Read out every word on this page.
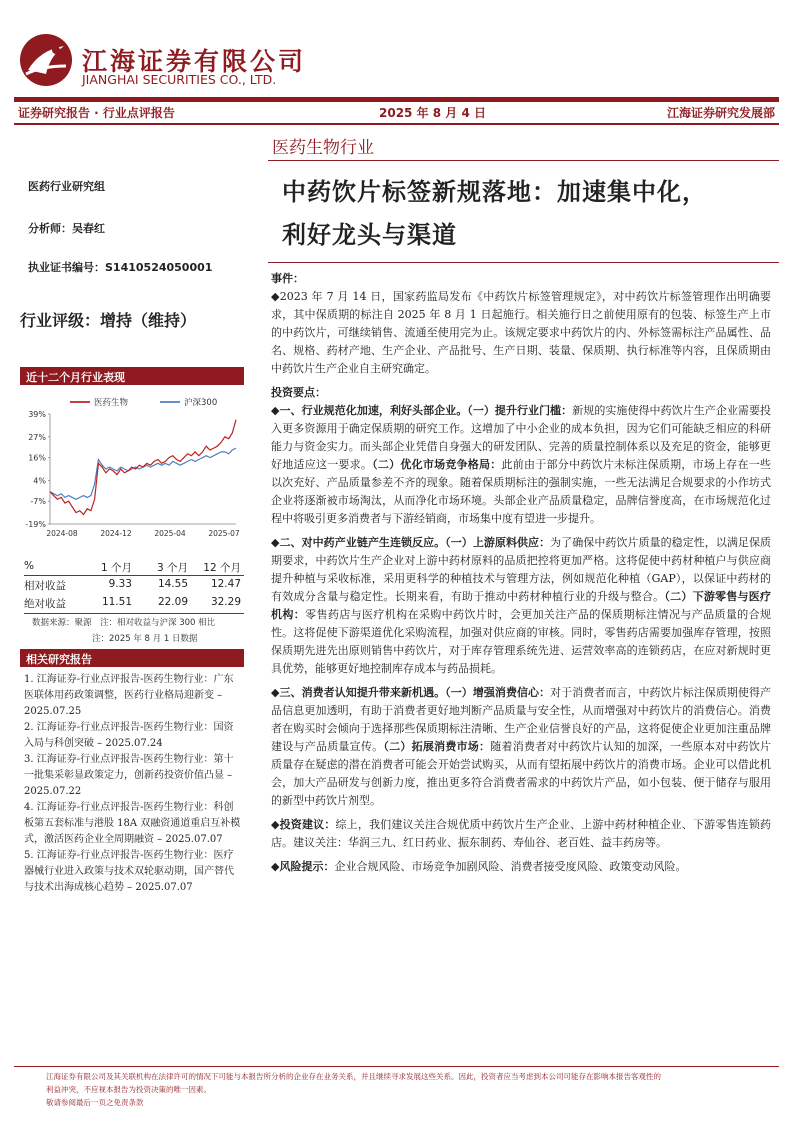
江海证券有限公司
JIANGHAI SECURITIES CO., LTD.
证券研究报告 · 行业点评报告	2025 年 8 月 4 日	江海证券研究发展部
医药生物行业
医药行业研究组
分析师：吴春红
执业证书编号：S1410524050001
行业评级：增持（维持）
近十二个月行业表现
39%
27%
16%
4%
-7%
-19%
2024-08	2024-12	2025-04	2025-07
医药生物	沪深300
%	1 个月 3 个月 12 个月
相对收益	9.33 14.55 12.47
绝对收益	11.51 22.09 32.29
数据来源：聚源　注：相对收益与沪深 300 相比
注：2025 年 8 月 1 日数据
相关研究报告
1. 江海证券-行业点评报告-医药生物行业：广东医联体用药政策调整，医药行业格局迎新变 – 2025.07.25
2. 江海证券-行业点评报告-医药生物行业：国资入局与科创突破 – 2025.07.24
3. 江海证券-行业点评报告-医药生物行业：第十一批集采彰显政策定力，创新药投资价值凸显 – 2025.07.22
4. 江海证券-行业点评报告-医药生物行业：科创板第五套标准与港股 18A 双融资通道重启互补模式，激活医药企业全周期融资 – 2025.07.07
5. 江海证券-行业点评报告-医药生物行业：医疗器械行业进入政策与技术双轮驱动期，国产替代与技术出海成核心趋势 – 2025.07.07
中药饮片标签新规落地：加速集中化，
利好龙头与渠道
事件：

◆2023 年 7 月 14 日，国家药监局发布《中药饮片标签管理规定》，对中药饮片标签管理作出明确要求，其中保质期的标注自 2025 年 8 月 1 日起施行。相关施行日之前使用原有的包装、标签生产上市的中药饮片，可继续销售、流通至使用完为止。该规定要求中药饮片的内、外标签需标注产品属性、品名、规格、药材产地、生产企业、产品批号、生产日期、装量、保质期、执行标准等内容，且保质期由中药饮片生产企业自主研究确定。

投资要点：

◆一、行业规范化加速，利好头部企业。（一）提升行业门槛：新规的实施使得中药饮片生产企业需要投入更多资源用于确定保质期的研究工作。这增加了中小企业的成本负担，因为它们可能缺乏相应的科研能力与资金实力。而头部企业凭借自身强大的研发团队、完善的质量控制体系以及充足的资金，能够更好地适应这一要求。（二）优化市场竞争格局：此前由于部分中药饮片未标注保质期，市场上存在一些以次充好、产品质量参差不齐的现象。随着保质期标注的强制实施，一些无法满足合规要求的小作坊式企业将逐渐被市场淘汰，从而净化市场环境。头部企业产品质量稳定，品牌信誉度高，在市场规范化过程中将吸引更多消费者与下游经销商，市场集中度有望进一步提升。

◆二、对中药产业链产生连锁反应。（一）上游原料供应：为了确保中药饮片质量的稳定性，以满足保质期要求，中药饮片生产企业对上游中药材原料的品质把控将更加严格。这将促使中药材种植户与供应商提升种植与采收标准，采用更科学的种植技术与管理方法，例如规范化种植（GAP），以保证中药材的有效成分含量与稳定性。长期来看，有助于推动中药材种植行业的升级与整合。（二）下游零售与医疗机构：零售药店与医疗机构在采购中药饮片时，会更加关注产品的保质期标注情况与产品质量的合规性。这将促使下游渠道优化采购流程，加强对供应商的审核。同时，零售药店需要加强库存管理，按照保质期先进先出原则销售中药饮片，对于库存管理系统先进、运营效率高的连锁药店，在应对新规时更具优势，能够更好地控制库存成本与药品损耗。

◆三、消费者认知提升带来新机遇。（一）增强消费信心：对于消费者而言，中药饮片标注保质期使得产品信息更加透明，有助于消费者更好地判断产品质量与安全性，从而增强对中药饮片的消费信心。消费者在购买时会倾向于选择那些保质期标注清晰、生产企业信誉良好的产品，这将促使企业更加注重品牌建设与产品质量宣传。（二）拓展消费市场：随着消费者对中药饮片认知的加深，一些原本对中药饮片质量存在疑虑的潜在消费者可能会开始尝试购买，从而有望拓展中药饮片的消费市场。企业可以借此机会，加大产品研发与创新力度，推出更多符合消费者需求的中药饮片产品，如小包装、便于储存与服用的新型中药饮片剂型。

◆投资建议：综上，我们建议关注合规优质中药饮片生产企业、上游中药材种植企业、下游零售连锁药店。建议关注：华润三九、红日药业、振东制药、寿仙谷、老百姓、益丰药房等。

◆风险提示：企业合规风险、市场竞争加剧风险、消费者接受度风险、政策变动风险。

江海证券有限公司及其关联机构在法律许可的情况下可能与本报告所分析的企业存在业务关系，并且继续寻求发展这些关系。因此，投资者应当考虑到本公司可能存在影响本报告客观性的
利益冲突，不应视本报告为投资决策的唯一因素。
敬请参阅最后一页之免责条款
